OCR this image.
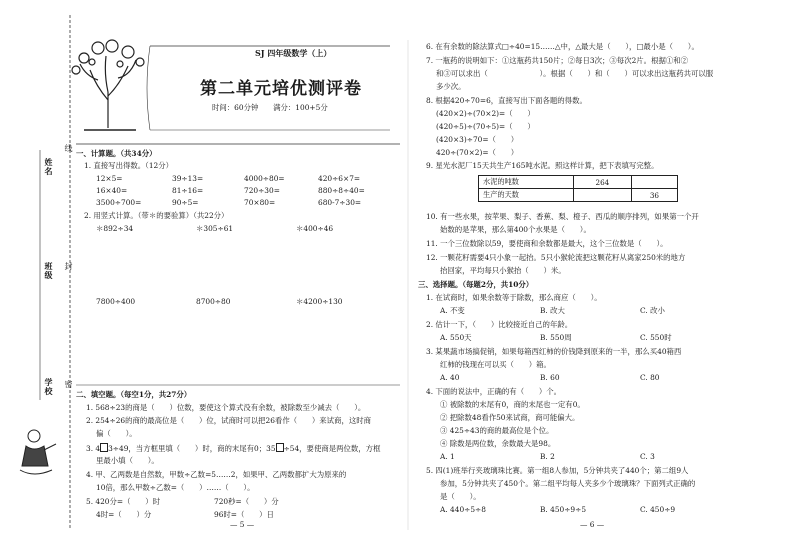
姓名
班级
学校
线
封
密
SJ 四年级数学（上）
第二单元培优测评卷
时间：60分钟　　满分：100+5分
一、计算题。（共34分）
1. 直接写出得数。（12分）
12×5=	39÷13=	4000÷80=	420÷6×7=
16×40=	81÷16=	720÷30=	880÷8÷40=
3500÷700=	90÷5=	70×80=	680-7÷30=
2. 用竖式计算。（带＊的要验算）（共22分）
＊892÷34	＊305÷61	＊400÷46
7800÷400	8700÷80	＊4200÷130
二、填空题。（每空1分，共27分）
1. 568÷23的商是（　　）位数，要使这个算式没有余数，被除数至少减去（　　）。
2. 254÷26的商的最高位是（　　）位，试商时可以把26看作（　　）来试商，这时商
偏（　　）。
3. 4 3÷49，当方框里填（　　）时，商的末尾有0；35 ÷54，要使商是两位数，方框
里最小填（　　）。
4. 甲、乙两数是自然数，甲数÷乙数=5……2，如果甲、乙两数都扩大为原来的
10倍，那么甲数÷乙数=（　　）……（　　）。
5. 420分=（　　）时	720秒=（　　）分
4时=（　　）分	96时=（　　）日
— 5 —
6. 在有余数的除法算式□÷40=15……△中，△最大是（　　），□最小是（　　）。
7. 一瓶药的说明如下：①这瓶药共150片；②每日3次；③每次2片。根据①和②
和③可以求出（　　　　　　　）。根据（　　）和（　　）可以求出这瓶药共可以服
多少次。
8. 根据420÷70=6，直接写出下面各题的得数。
(420×2)÷(70×2)=（　　）
(420÷5)÷(70÷5)=（　　）
(420×3)÷70=（　　）
420÷(70×2)=（　　）
9. 星光水泥厂15天共生产165吨水泥。照这样计算，把下表填写完整。
水泥的吨数	264	
生产的天数		36
10. 有一些水果，按苹果、梨子、香蕉、梨、橙子、西瓜的顺序排列，如果第一个开
始数的是苹果，那么第400个水果是（　　）。
11. 一个三位数除以59，要使商和余数都是最大，这个三位数是（　　）。
12. 一颗花籽需要4只小象一起抬。5只小猴轮流把这颗花籽从离家250米的地方
抬回家，平均每只小猴抬（　　）米。
三、选择题。（每题2分，共10分）
1. 在试商时，如果余数等于除数，那么商应（　　）。
A. 不变	B. 改大	C. 改小
2. 估计一下，（　　）比较接近自己的年龄。
A. 550天	B. 550周	C. 550时
3. 某果蔬市场搞促销，如果每箱西红柿的价钱降到原来的一半，那么买40箱西
红柿的钱现在可以买（　　）箱。
A. 40	B. 60	C. 80
4. 下面的说法中，正确的有（　　）个。
① 被除数的末尾有0，商的末尾也一定有0。
② 把除数48看作50来试商，商可能偏大。
③ 425÷43的商的最高位是个位。
④ 除数是两位数，余数最大是98。
A. 1	B. 2	C. 3
5. 四(1)班举行夹玻璃珠比赛。第一组8人参加，5分钟共夹了440个；第二组9人
参加，5分钟共夹了450个。第二组平均每人夹多少个玻璃珠？下面列式正确的
是（　　）。
A. 440÷5÷8	B. 450÷9÷5	C. 450÷9
— 6 —
